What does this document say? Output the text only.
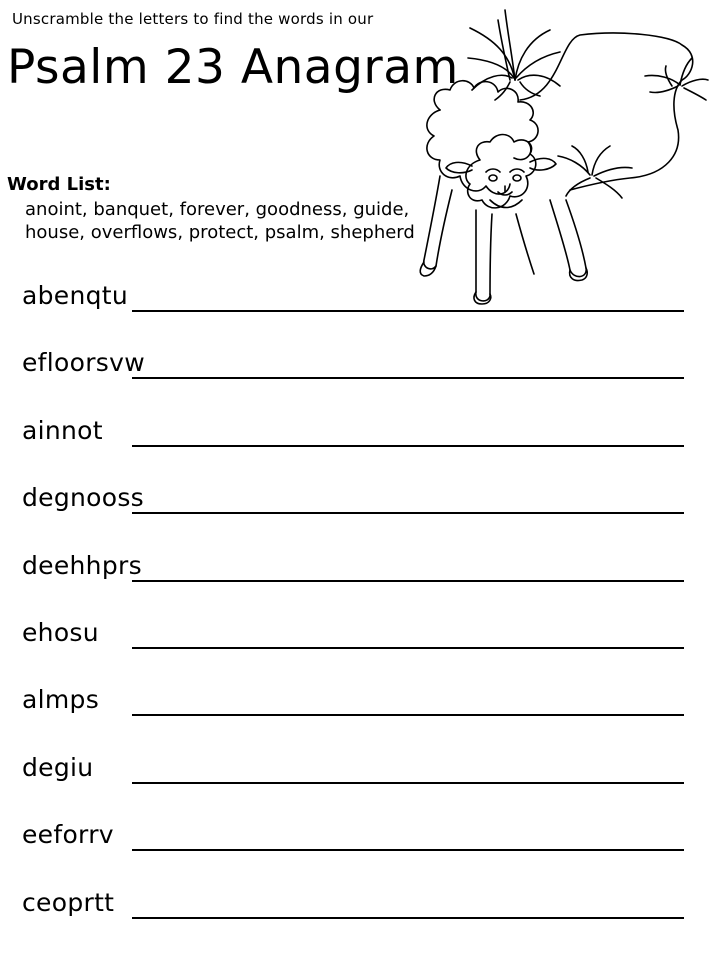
Unscramble the letters to find the words in our
Psalm 23 Anagram
Word List:
anoint, banquet, forever, goodness, guide,
house, overflows, protect, psalm, shepherd
abenqtu
efloorsvw
ainnot
degnooss
deehhprs
ehosu
almps
degiu
eeforrv
ceoprtt
